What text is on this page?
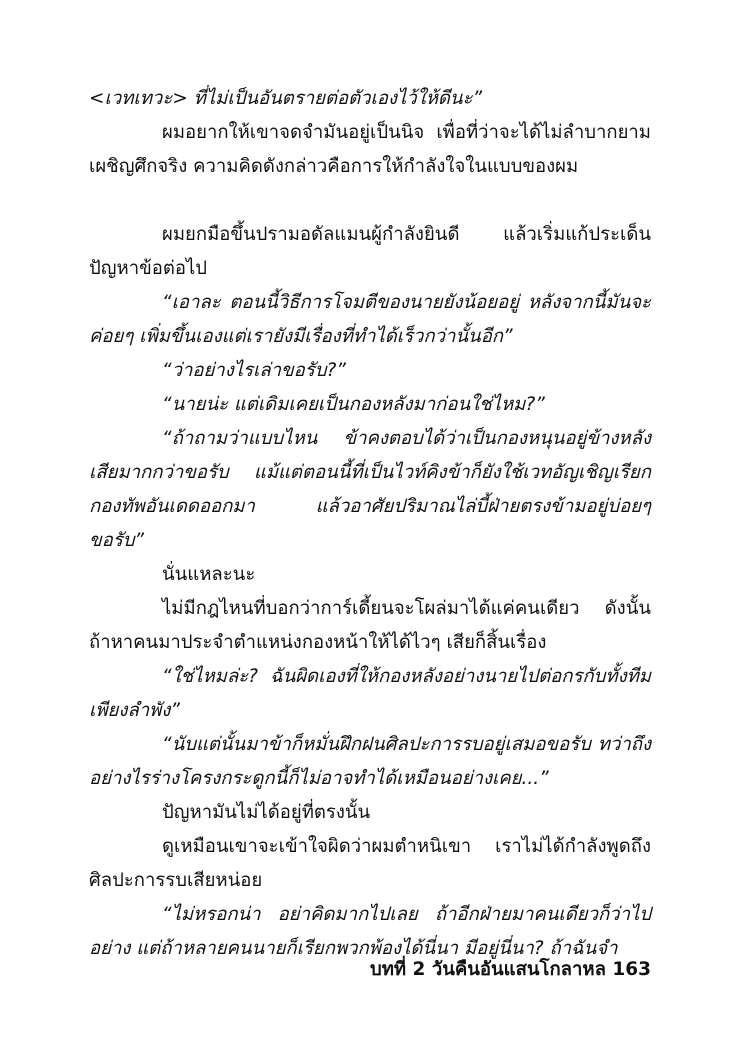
<เวทเทวะ> ที่ไม่เป็นอันตรายต่อตัวเองไว้ให้ดีนะ”

ผมอยากให้เขาจดจำมันอยู่เป็นนิจ เพื่อที่ว่าจะได้ไม่ลำบากยามเผชิญศึกจริง ความคิดดังกล่าวคือการให้กำลังใจในแบบของผม

ผมยกมือขึ้นปรามอดัลแมนผู้กำลังยินดี แล้วเริ่มแก้ประเด็นปัญหาข้อต่อไป

“เอาละ ตอนนี้วิธีการโจมตีของนายยังน้อยอยู่ หลังจากนี้มันจะค่อยๆ เพิ่มขึ้นเองแต่เรายังมีเรื่องที่ทำได้เร็วกว่านั้นอีก”

“ว่าอย่างไรเล่าขอรับ?”

“นายน่ะ แต่เดิมเคยเป็นกองหลังมาก่อนใช่ไหม?”

“ถ้าถามว่าแบบไหน ข้าคงตอบได้ว่าเป็นกองหนุนอยู่ข้างหลังเสียมากกว่าขอรับ แม้แต่ตอนนี้ที่เป็นไวท์คิงข้าก็ยังใช้เวทอัญเชิญเรียกกองทัพอันเดดออกมา แล้วอาศัยปริมาณไล่บี้ฝ่ายตรงข้ามอยู่บ่อยๆ ขอรับ”

นั่นแหละนะ

ไม่มีกฎไหนที่บอกว่าการ์เดี้ยนจะโผล่มาได้แค่คนเดียว ดังนั้นถ้าหาคนมาประจำตำแหน่งกองหน้าให้ได้ไวๆ เสียก็สิ้นเรื่อง

“ใช่ไหมล่ะ? ฉันผิดเองที่ให้กองหลังอย่างนายไปต่อกรกับทั้งทีมเพียงลำพัง”

“นับแต่นั้นมาข้าก็หมั่นฝึกฝนศิลปะการรบอยู่เสมอขอรับ ทว่าถึงอย่างไรร่างโครงกระดูกนี้ก็ไม่อาจทำได้เหมือนอย่างเคย...”

ปัญหามันไม่ได้อยู่ที่ตรงนั้น

ดูเหมือนเขาจะเข้าใจผิดว่าผมตำหนิเขา เราไม่ได้กำลังพูดถึงศิลปะการรบเสียหน่อย

“ไม่หรอกน่า อย่าคิดมากไปเลย ถ้าอีกฝ่ายมาคนเดียวก็ว่าไปอย่าง แต่ถ้าหลายคนนายก็เรียกพวกพ้องได้นี่นา มีอยู่นี่นา? ถ้าฉันจำ

บทที่ 2 วันคืนอันแสนโกลาหล 163
